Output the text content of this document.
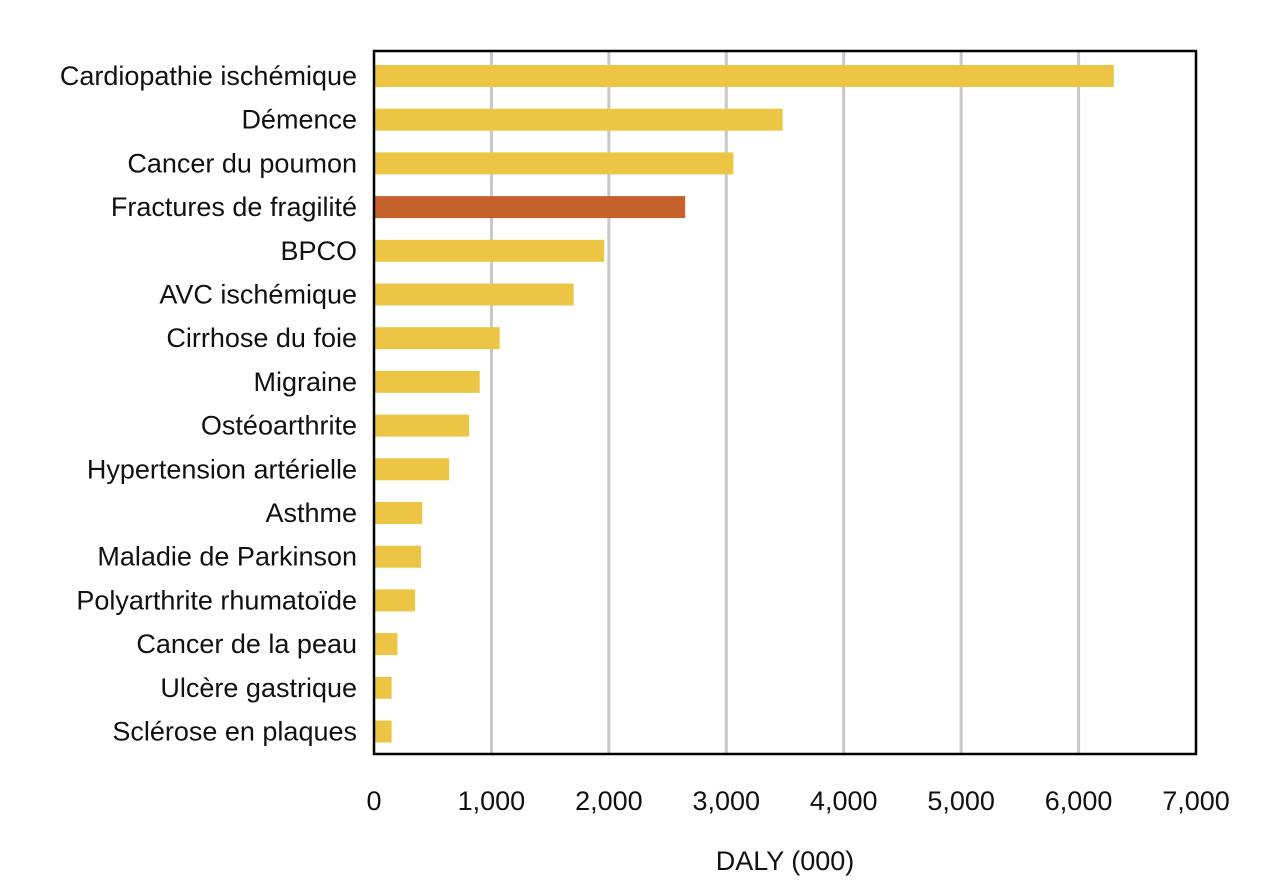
Cardiopathie ischémique
Démence
Cancer du poumon
Fractures de fragilité
BPCO
AVC ischémique
Cirrhose du foie
Migraine
Ostéoarthrite
Hypertension artérielle
Asthme
Maladie de Parkinson
Polyarthrite rhumatoïde
Cancer de la peau
Ulcère gastrique
Sclérose en plaques
0	1,000 2,000 3,000 4,000 5,000 6,000 7,000
DALY (000)
